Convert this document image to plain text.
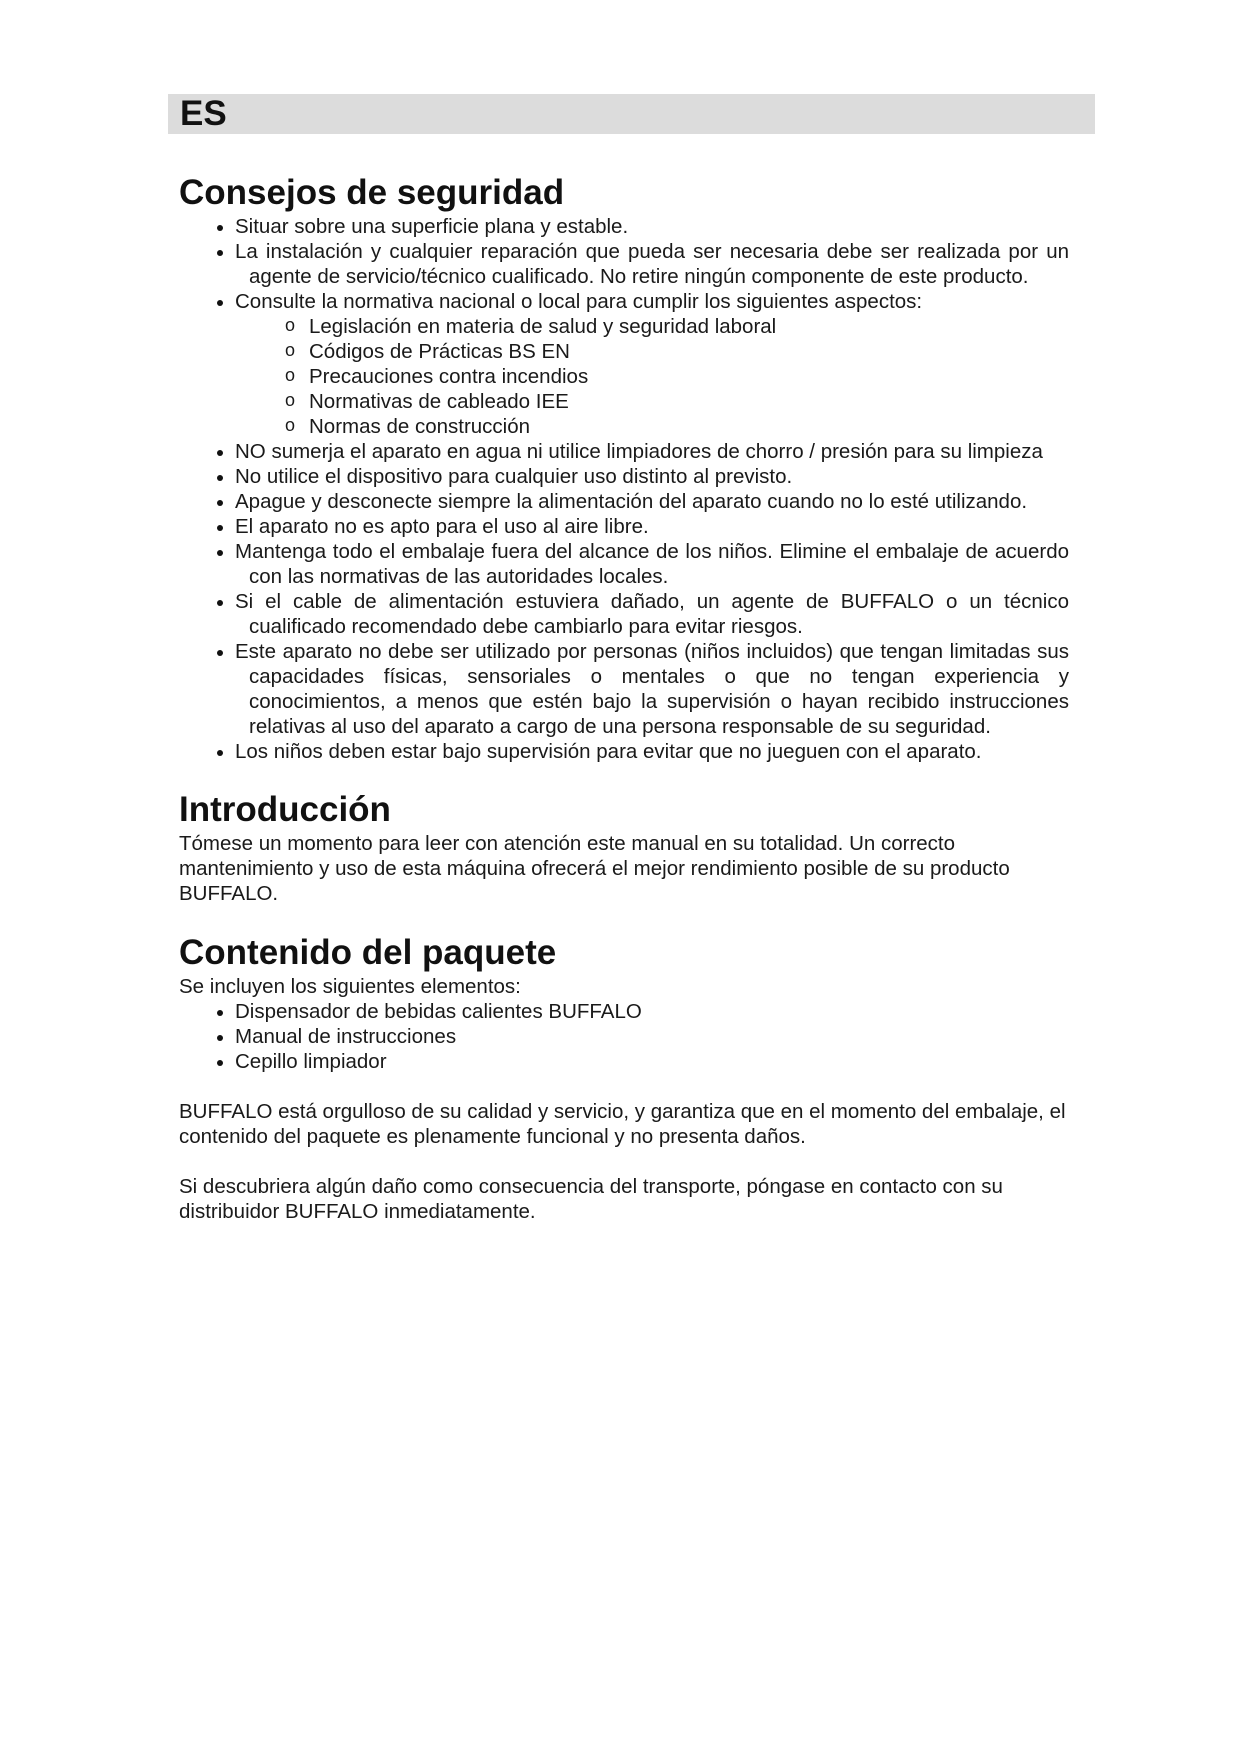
ES
Consejos de seguridad
Situar sobre una superficie plana y estable.
La instalación y cualquier reparación que pueda ser necesaria debe ser realizada por un agente de servicio/técnico cualificado. No retire ningún componente de este producto.
Consulte la normativa nacional o local para cumplir los siguientes aspectos:
o Legislación en materia de salud y seguridad laboral
o Códigos de Prácticas BS EN
o Precauciones contra incendios
o Normativas de cableado IEE
o Normas de construcción
NO sumerja el aparato en agua ni utilice limpiadores de chorro / presión para su limpieza
No utilice el dispositivo para cualquier uso distinto al previsto.
Apague y desconecte siempre la alimentación del aparato cuando no lo esté utilizando.
El aparato no es apto para el uso al aire libre.
Mantenga todo el embalaje fuera del alcance de los niños. Elimine el embalaje de acuerdo con las normativas de las autoridades locales.
Si el cable de alimentación estuviera dañado, un agente de BUFFALO o un técnico cualificado recomendado debe cambiarlo para evitar riesgos.
Este aparato no debe ser utilizado por personas (niños incluidos) que tengan limitadas sus capacidades físicas, sensoriales o mentales o que no tengan experiencia y conocimientos, a menos que estén bajo la supervisión o hayan recibido instrucciones relativas al uso del aparato a cargo de una persona responsable de su seguridad.
Los niños deben estar bajo supervisión para evitar que no jueguen con el aparato.
Introducción

Tómese un momento para leer con atención este manual en su totalidad. Un correcto mantenimiento y uso de esta máquina ofrecerá el mejor rendimiento posible de su producto BUFFALO.

Contenido del paquete

Se incluyen los siguientes elementos:

Dispensador de bebidas calientes BUFFALO
Manual de instrucciones
Cepillo limpiador

BUFFALO está orgulloso de su calidad y servicio, y garantiza que en el momento del embalaje, el contenido del paquete es plenamente funcional y no presenta daños.

Si descubriera algún daño como consecuencia del transporte, póngase en contacto con su distribuidor BUFFALO inmediatamente.
